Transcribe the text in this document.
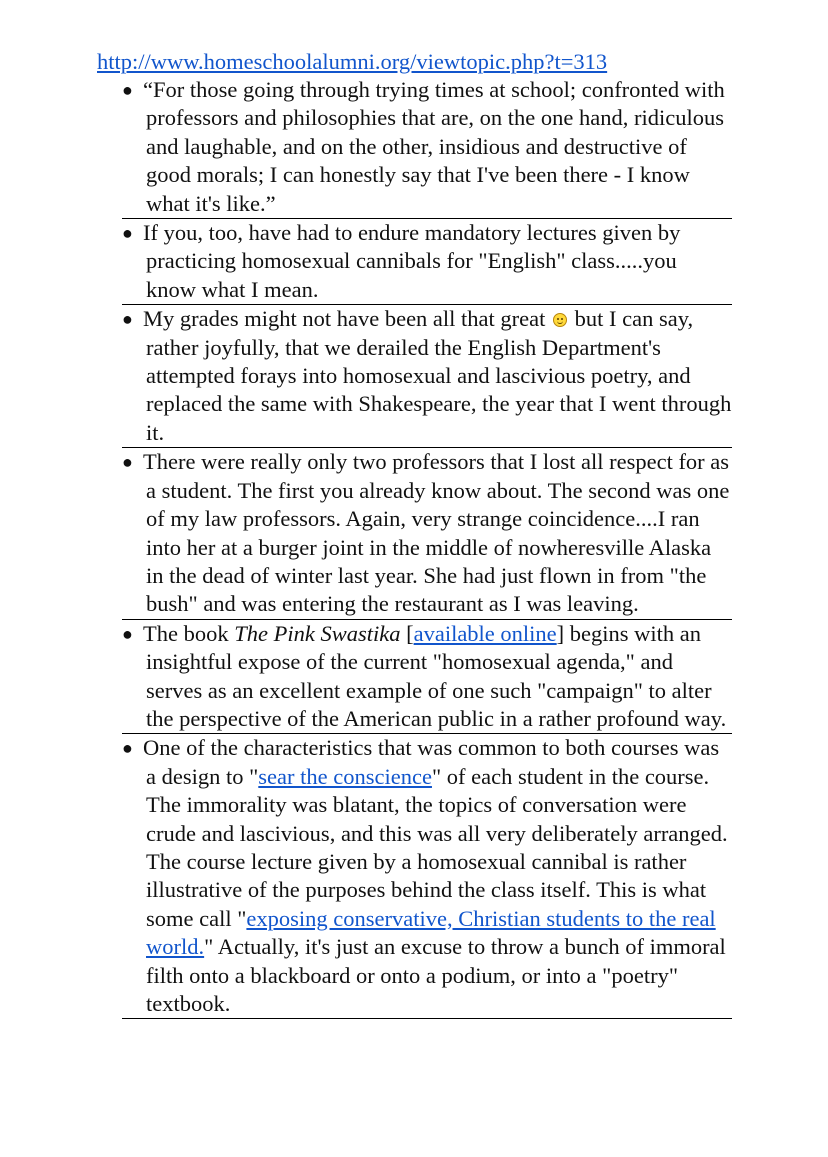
http://www.homeschoolalumni.org/viewtopic.php?t=313
● “For those going through trying times at school; confronted with professors and philosophies that are, on the one hand, ridiculous and laughable, and on the other, insidious and destructive of good morals; I can honestly say that I've been there - I know what it's like.”
● If you, too, have had to endure mandatory lectures given by practicing homosexual cannibals for "English" class.....you know what I mean.
● My grades might not have been all that great but I can say, rather joyfully, that we derailed the English Department's attempted forays into homosexual and lascivious poetry, and replaced the same with Shakespeare, the year that I went through it.
● There were really only two professors that I lost all respect for as a student. The first you already know about. The second was one of my law professors. Again, very strange coincidence....I ran into her at a burger joint in the middle of nowheresville Alaska in the dead of winter last year. She had just flown in from "the bush" and was entering the restaurant as I was leaving.
● The book The Pink Swastika [available online] begins with an insightful expose of the current "homosexual agenda," and serves as an excellent example of one such "campaign" to alter the perspective of the American public in a rather profound way.
● One of the characteristics that was common to both courses was a design to "sear the conscience" of each student in the course. The immorality was blatant, the topics of conversation were crude and lascivious, and this was all very deliberately arranged. The course lecture given by a homosexual cannibal is rather illustrative of the purposes behind the class itself. This is what some call "exposing conservative, Christian students to the real world." Actually, it's just an excuse to throw a bunch of immoral filth onto a blackboard or onto a podium, or into a "poetry" textbook.
